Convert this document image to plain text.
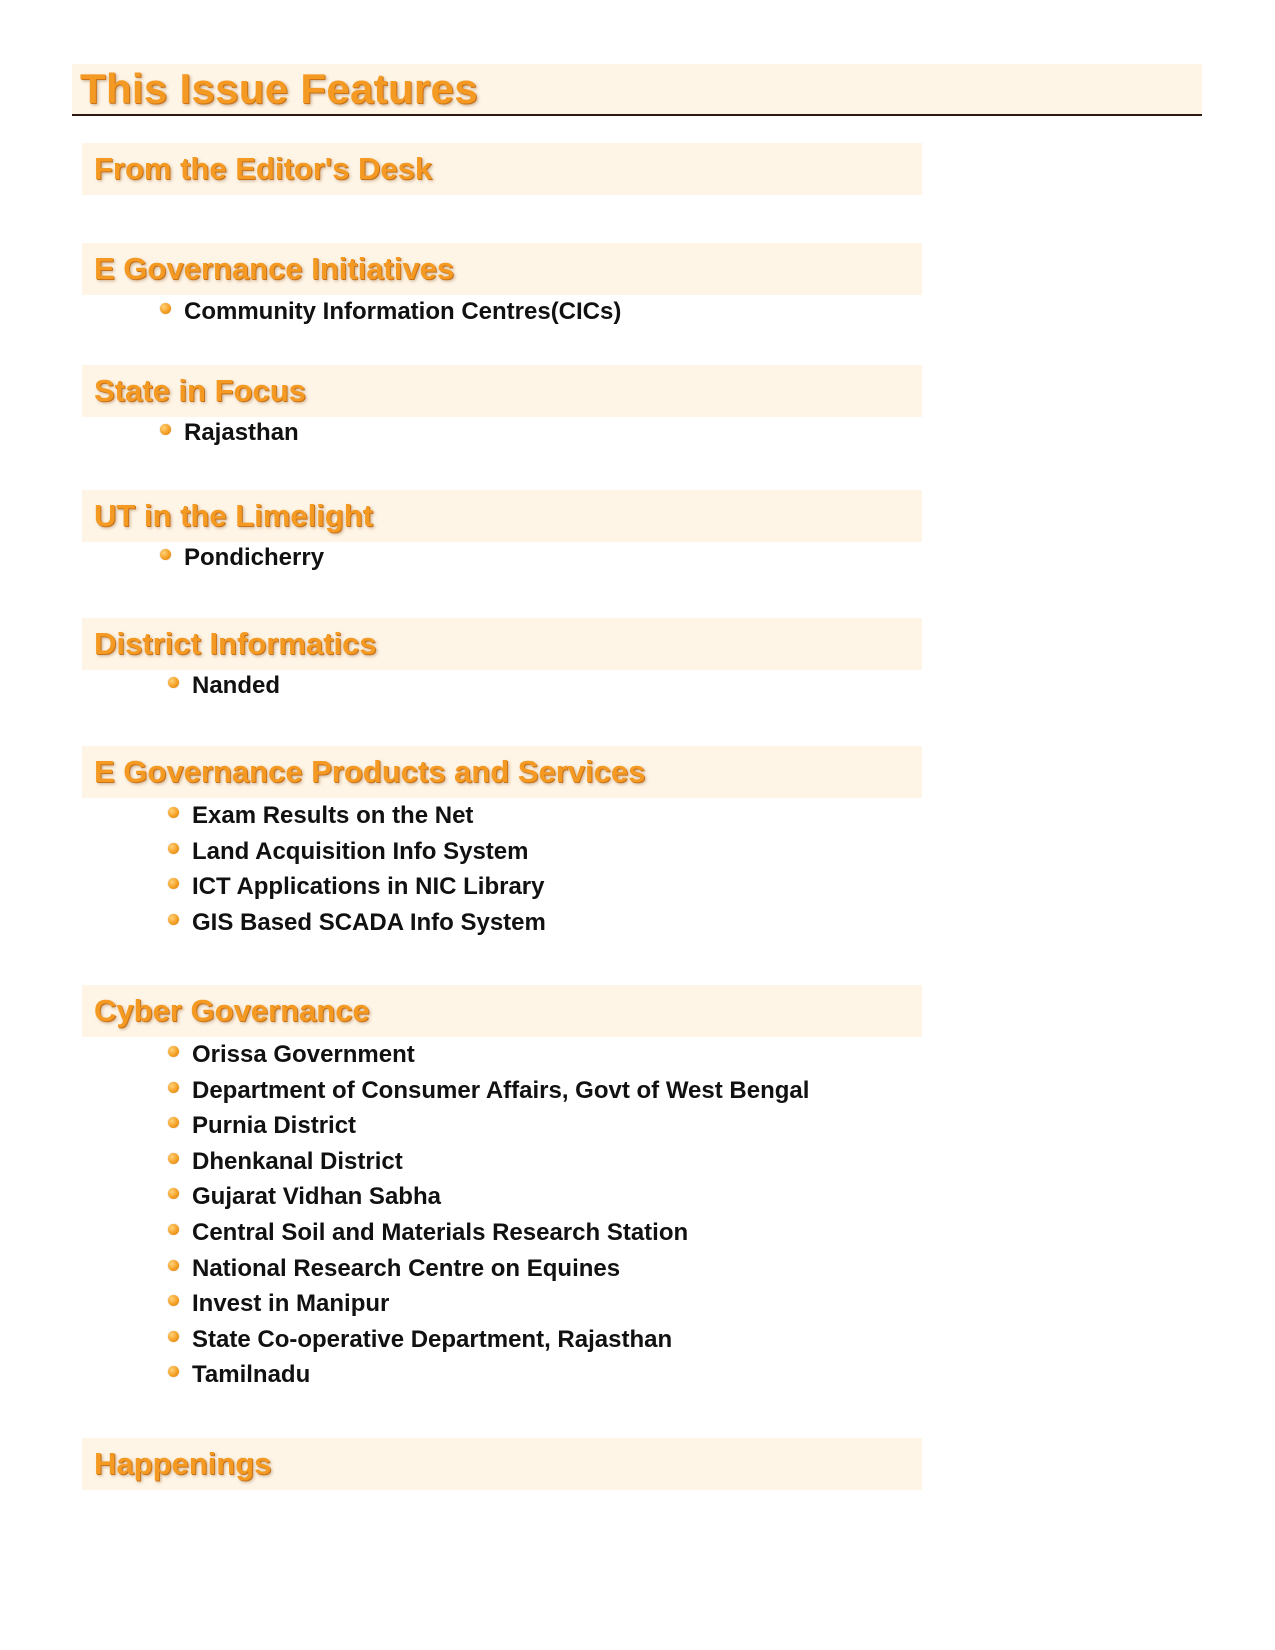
This Issue Features
From the Editor's Desk
E Governance Initiatives
Community Information Centres(CICs)
State in Focus
Rajasthan
UT in the Limelight
Pondicherry
District Informatics
Nanded
E Governance Products and Services
Exam Results on the Net
Land Acquisition Info System
ICT Applications in NIC Library
GIS Based SCADA Info System
Cyber Governance
Orissa Government
Department of Consumer Affairs, Govt of West Bengal
Purnia District
Dhenkanal District
Gujarat Vidhan Sabha
Central Soil and Materials Research Station
National Research Centre on Equines
Invest in Manipur
State Co-operative Department, Rajasthan
Tamilnadu
Happenings
